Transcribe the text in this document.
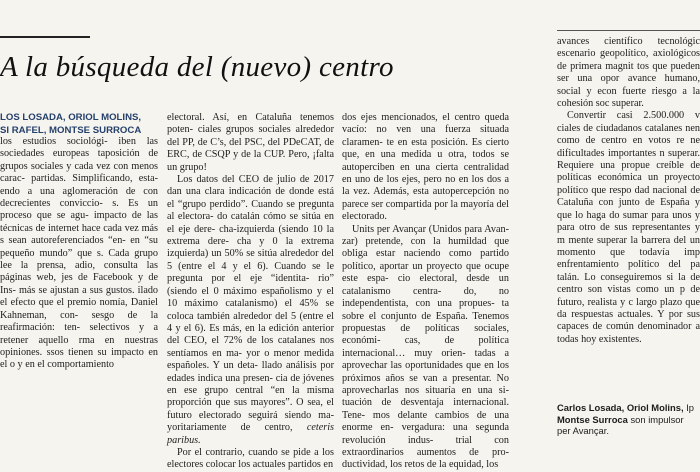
A la búsqueda del (nuevo) centro
LOS LOSADA, ORIOL MOLINS,
SI RAFEL, MONTSE SURROCA

los estudios sociológi- iben las sociedades europeas taposición de grupos sociales y cada vez con menos carac- partidas. Simplificando, esta- endo a una aglomeración de con decrecientes conviccio- s. Es un proceso que se agu- impacto de las técnicas de internet hace cada vez más s sean autoreferenciados “en- en “su pequeño mundo” que s. Cada grupo lee la prensa, adio, consulta las páginas web, jes de Facebook y de Ins- más se ajustan a sus gustos. ilado el efecto que el premio nomía, Daniel Kahneman, con- sesgo de la reafirmación: ten- selectivos y a retener aquello rma en nuestras opiniones. ssos tienen su impacto en el o y en el comportamiento

electoral. Así, en Cataluña tenemos poten- ciales grupos sociales alrededor del PP, de C’s, del PSC, del PDeCAT, de ERC, de CSQP y de la CUP. Pero, ¡falta un grupo!

Los datos del CEO de julio de 2017 dan una clara indicación de donde está el “grupo perdido”. Cuando se pregunta al electora- do catalán cómo se sitúa en el eje dere- cha-izquierda (siendo 10 la extrema dere- cha y 0 la extrema izquierda) un 50% se sitúa alrededor del 5 (entre el 4 y el 6). Cuando se le pregunta por el eje “identita- rio” (siendo el 0 máximo españolismo y el 10 máximo catalanismo) el 45% se coloca también alrededor del 5 (entre el 4 y el 6). Es más, en la edición anterior del CEO, el 72% de los catalanes nos sentíamos en ma- yor o menor medida españoles. Y un deta- llado análisis por edades indica una presen- cia de jóvenes en ese grupo central “en la misma proporción que sus mayores”. O sea, el futuro electorado seguirá siendo ma- yoritariamente de centro, ceteris paribus.

Por el contrario, cuando se pide a los electores colocar los actuales partidos en

dos ejes mencionados, el centro queda vacío: no ven una fuerza situada claramen- te en esta posición. Es cierto que, en una medida u otra, todos se autoperciben en una cierta centralidad en uno de los ejes, pero no en los dos a la vez. Además, esta autopercepción no parece ser compartida por la mayoría del electorado.

Units per Avançar (Unidos para Avan- zar) pretende, con la humildad que obliga estar naciendo como partido político, aportar un proyecto que ocupe este espa- cio electoral, desde un catalanismo centra- do, no independentista, con una propues- ta sobre el conjunto de España. Tenemos propuestas de políticas sociales, económi- cas, de política internacional… muy orien- tadas a aprovechar las oportunidades que en los próximos años se van a presentar. No aprovecharlas nos situaría en una si- tuación de desventaja internacional. Tene- mos delante cambios de una enorme en- vergadura: una segunda revolución indus- trial con extraordinarios aumentos de pro- ductividad, los retos de la equidad, los

avances científico tecnológic escenario geopolítico, axiológicos de primera magnit tos que pueden ser una opor avance humano, social y econ fuerte riesgo a la cohesión soc superar.

Convertir casi 2.500.000 v ciales de ciudadanos catalanes nen como de centro en votos re ne dificultades importantes n superar. Requiere una propue creíble de políticas económica un proyecto político que respo dad nacional de Cataluña con junto de España y que lo haga do sumar para unos y para otro de sus representantes y m mente superar la barrera del un momento que todavía imp enfrentamiento político del pa talán. Lo conseguiremos si la de centro son vistas como un p de futuro, realista y c largo plazo que da respuestas actuales. Y por sus capaces de común denominador a todas hoy existentes.

Carlos Losada, Oriol Molins, Ip
Montse Surroca son impulsor
per Avançar.
